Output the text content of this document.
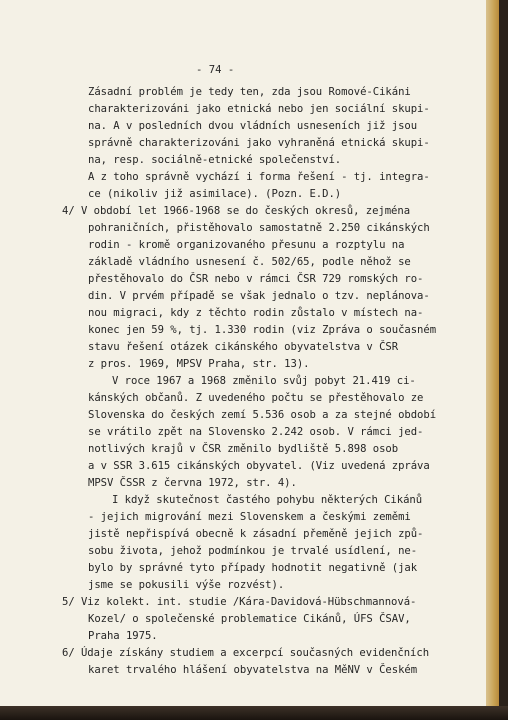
- 74 -
Zásadní problém je tedy ten, zda jsou Romové-Cikáni
charakterizováni jako etnická nebo jen sociální skupi-
na. A v posledních dvou vládních usneseních již jsou
správně charakterizováni jako vyhraněná etnická skupi-
na, resp. sociálně-etnické společenství.
A z toho správně vychází i forma řešení - tj. integra-
ce (nikoliv již asimilace). (Pozn. E.D.)
4/ V období let 1966-1968 se do českých okresů, zejména
pohraničních, přistěhovalo samostatně 2.250 cikánských
rodin - kromě organizovaného přesunu a rozptylu na
základě vládního usnesení č. 502/65, podle něhož se
přestěhovalo do ČSR nebo v rámci ČSR 729 romských ro-
din. V prvém případě se však jednalo o tzv. neplánova-
nou migraci, kdy z těchto rodin zůstalo v místech na-
konec jen 59 %, tj. 1.330 rodin (viz Zpráva o současném
stavu řešení otázek cikánského obyvatelstva v ČSR
z pros. 1969, MPSV Praha, str. 13).
V roce 1967 a 1968 změnilo svůj pobyt 21.419 ci-
kánských občanů. Z uvedeného počtu se přestěhovalo ze
Slovenska do českých zemí 5.536 osob a za stejné období
se vrátilo zpět na Slovensko 2.242 osob. V rámci jed-
notlivých krajů v ČSR změnilo bydliště 5.898 osob
a v SSR 3.615 cikánských obyvatel. (Viz uvedená zpráva
MPSV ČSSR z června 1972, str. 4).
I když skutečnost častého pohybu některých Cikánů
- jejich migrování mezi Slovenskem a českými zeměmi
jistě nepřispívá obecně k zásadní přeměně jejich způ-
sobu života, jehož podmínkou je trvalé usídlení, ne-
bylo by správné tyto případy hodnotit negativně (jak
jsme se pokusili výše rozvést).
5/ Viz kolekt. int. studie /Kára-Davidová-Hübschmannová-
Kozel/ o společenské problematice Cikánů, ÚFS ČSAV,
Praha 1975.
6/ Údaje získány studiem a excerpcí současných evidenčních
karet trvalého hlášení obyvatelstva na MěNV v Českém
